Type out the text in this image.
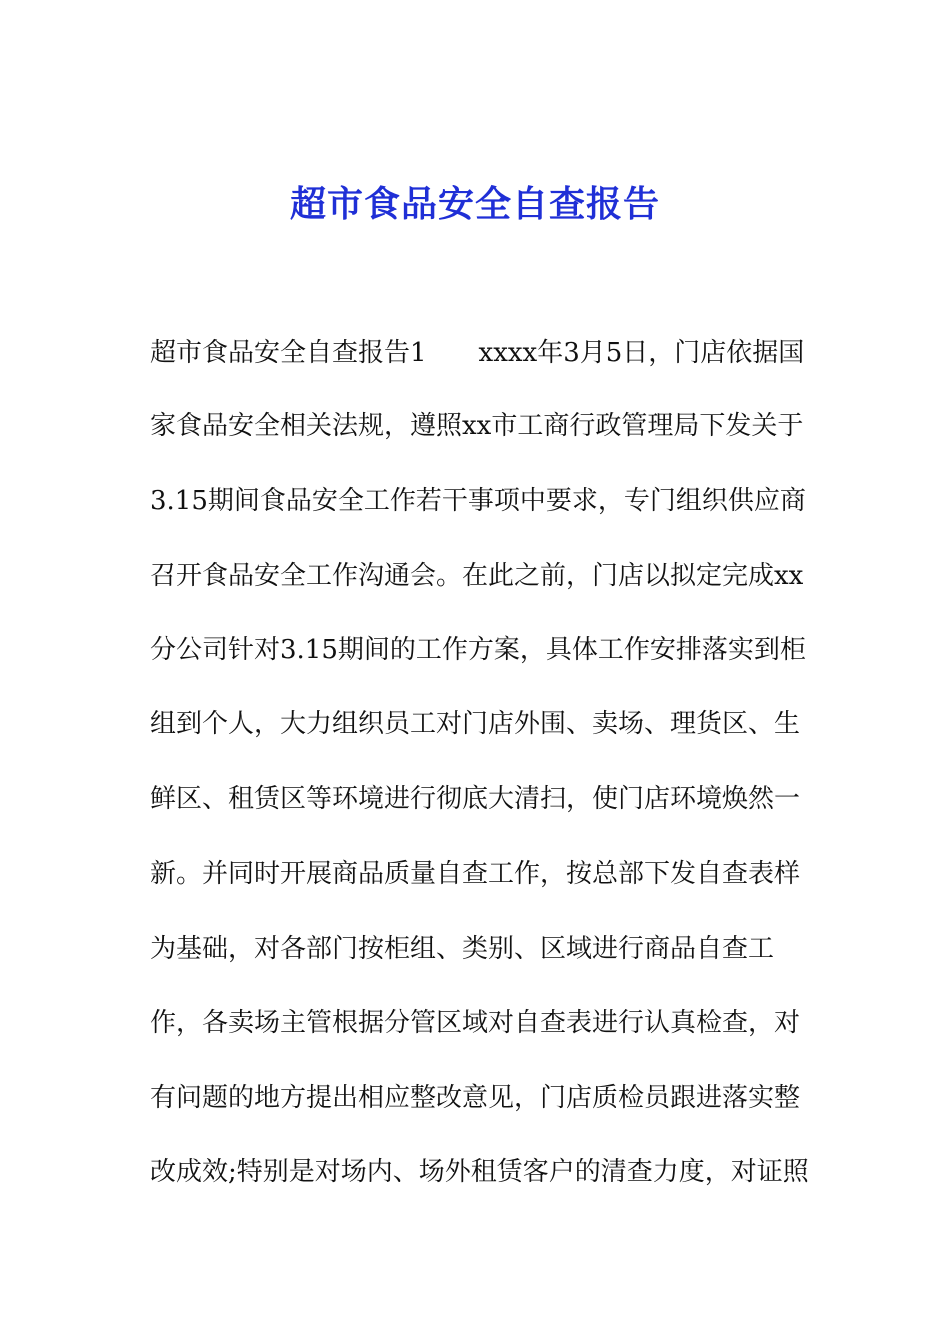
超市食品安全自查报告
超市食品安全自查报告1　　xxxx年3月5日，门店依据国
家食品安全相关法规，遵照xx市工商行政管理局下发关于
3.15期间食品安全工作若干事项中要求，专门组织供应商
召开食品安全工作沟通会。在此之前，门店以拟定完成xx
分公司针对3.15期间的工作方案，具体工作安排落实到柜
组到个人，大力组织员工对门店外围、卖场、理货区、生
鲜区、租赁区等环境进行彻底大清扫，使门店环境焕然一
新。并同时开展商品质量自查工作，按总部下发自查表样
为基础，对各部门按柜组、类别、区域进行商品自查工
作，各卖场主管根据分管区域对自查表进行认真检查，对
有问题的地方提出相应整改意见，门店质检员跟进落实整
改成效;特别是对场内、场外租赁客户的清查力度，对证照
